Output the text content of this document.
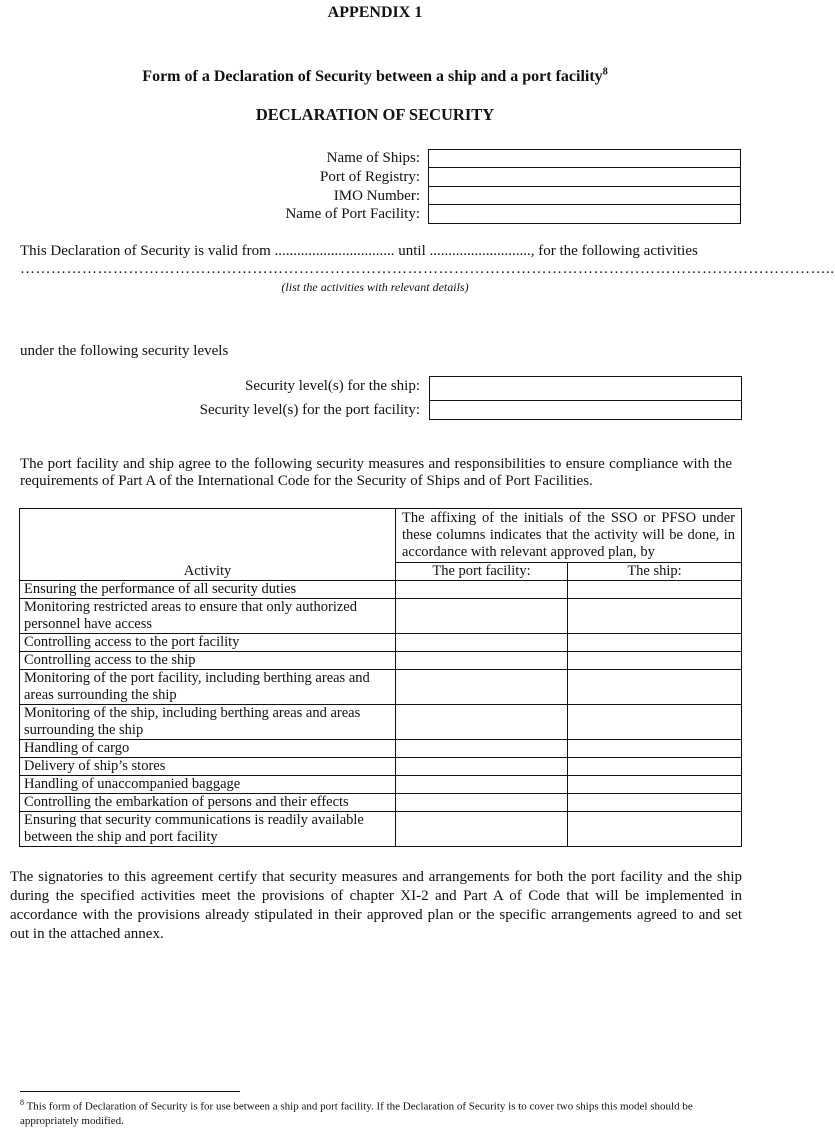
APPENDIX 1
Form of a Declaration of Security between a ship and a port facility$^8$
DECLARATION OF SECURITY
Name of Ships:
Port of Registry:
IMO Number:
Name of Port Facility:
This Declaration of Security is valid from ................................ until ..........................., for the following activities
…………………………………………………………………………………………………………………………………………..
(list the activities with relevant details)
under the following security levels
Security level(s) for the ship:
Security level(s) for the port facility:
The port facility and ship agree to the following security measures and responsibilities to ensure compliance with the requirements of Part A of the International Code for the Security of Ships and of Port Facilities.
	The affixing of the initials of the SSO or PFSO under these columns indicates that the activity will be done, in accordance with relevant approved plan, by	
Activity	The port facility:	The ship:
Ensuring the performance of all security duties		
Monitoring restricted areas to ensure that only authorized personnel have access		
Controlling access to the port facility		
Controlling access to the ship		
Monitoring of the port facility, including berthing areas and areas surrounding the ship		
Monitoring of the ship, including berthing areas and areas surrounding the ship		
Handling of cargo		
Delivery of ship’s stores		
Handling of unaccompanied baggage		
Controlling the embarkation of persons and their effects		
Ensuring that security communications is readily available between the ship and port facility		
The signatories to this agreement certify that security measures and arrangements for both the port facility and the ship during the specified activities meet the provisions of chapter XI-2 and Part A of Code that will be implemented in accordance with the provisions already stipulated in their approved plan or the specific arrangements agreed to and set out in the attached annex.
$^8$ This form of Declaration of Security is for use between a ship and port facility. If the Declaration of Security is to cover two ships this model should be appropriately modified.
